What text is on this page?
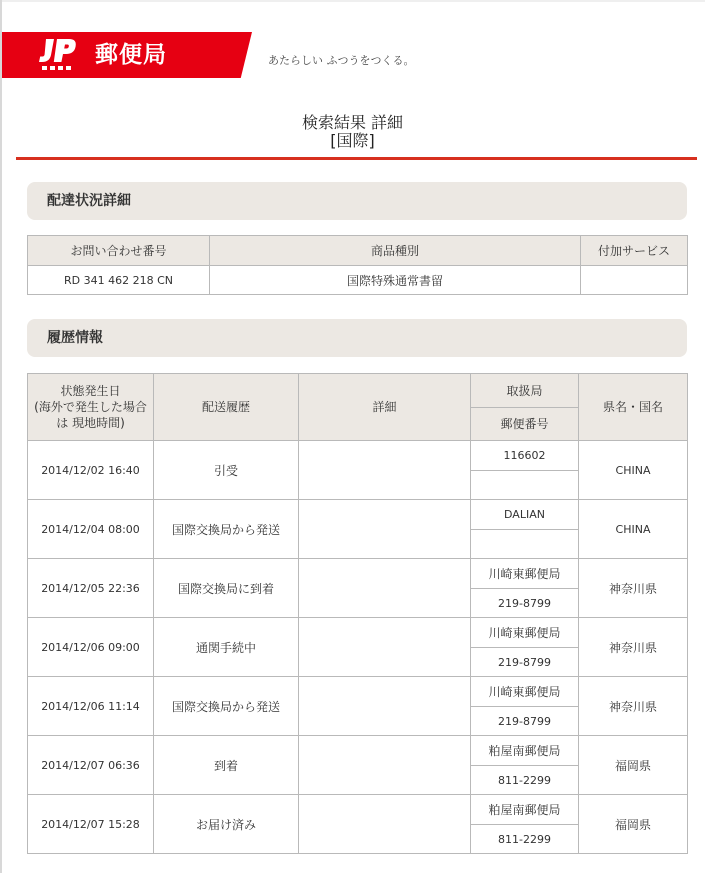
郵便局	あたらしい ふつうをつくる。
検索結果 詳細
[国際]
配達状況詳細
お問い合わせ番号	商品種別	付加サービス
RD 341 462 218 CN	国際特殊通常書留	
履歴情報
状態発生日
(海外で発生した場合は 現地時間)	配送履歴	詳細	取扱局	県名・国名
			郵便番号	
2014/12/02 16:40	引受		116602	CHINA

2014/12/04 08:00	国際交換局から発送		DALIAN	CHINA

2014/12/05 22:36	国際交換局に到着		川崎東郵便局	神奈川県
			219-8799	
2014/12/06 09:00	通関手続中		川崎東郵便局	神奈川県
			219-8799	
2014/12/06 11:14	国際交換局から発送		川崎東郵便局	神奈川県
			219-8799	
2014/12/07 06:36	到着		粕屋南郵便局	福岡県
			811-2299	
2014/12/07 15:28	お届け済み		粕屋南郵便局	福岡県
			811-2299	
